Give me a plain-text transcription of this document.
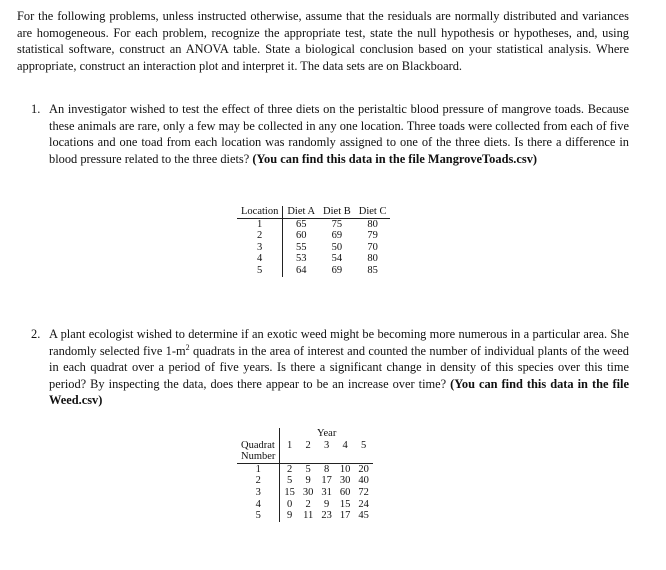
For the following problems, unless instructed otherwise, assume that the residuals are normally distributed and variances are homogeneous. For each problem, recognize the appropriate test, state the null hypothesis or hypotheses, and, using statistical software, construct an ANOVA table. State a biological conclusion based on your statistical analysis. Where appropriate, construct an interaction plot and interpret it. The data sets are on Blackboard.

1. An investigator wished to test the effect of three diets on the peristaltic blood pressure of mangrove toads. Because these animals are rare, only a few may be collected in any one location. Three toads were collected from each of five locations and one toad from each location was randomly assigned to one of the three diets. Is there a difference in blood pressure related to the three diets? (You can find this data in the file MangroveToads.csv)
Location	Diet A	Diet B	Diet C
1	65	75	80
2	60	69	79
3	55	50	70
4	53	54	80
5	64	69	85
2. A plant ecologist wished to determine if an exotic weed might be becoming more numerous in a particular area. She randomly selected five $1-m^2$ quadrats in the area of interest and counted the number of individual plants of the weed in each quadrat over a period of five years. Is there a significant change in density of this species over this time period? By inspecting the data, does there appear to be an increase over time? (You can find this data in the file Weed.csv)
	Year				
Quadrat	1	2	3	4	5
Number					
1	2	5	8	10	20
2	5	9	17	30	40
3	15	30	31	60	72
4	0	2	9	15	24
5	9	11	23	17	45
